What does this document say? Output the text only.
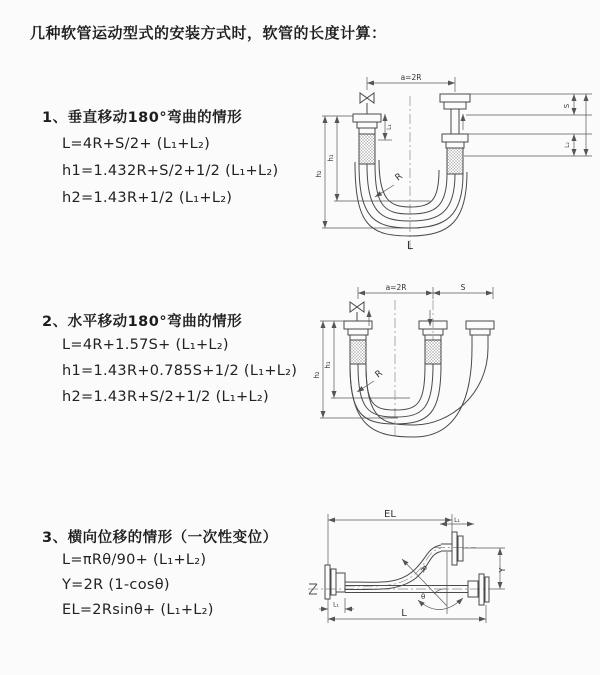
几种软管运动型式的安装方式时，软管的长度计算：
1、垂直移动180°弯曲的情形
L=4R+S/2+ (L₁+L₂)
h1=1.432R+S/2+1/2 (L₁+L₂)
h2=1.43R+1/2 (L₁+L₂)
2、水平移动180°弯曲的情形
L=4R+1.57S+ (L₁+L₂)
h1=1.43R+0.785S+1/2 (L₁+L₂)
h2=1.43R+S/2+1/2 (L₁+L₂)
3、横向位移的情形（一次性变位）
L=πRθ/90+ (L₁+L₂)
Y=2R (1-cosθ)
EL=2Rsinθ+ (L₁+L₂)
a=2R
h₂
h₁
L₁
S
L₂
R
L
a=2R	S
h₂
h₁
R
EL
L₁
L₁
Y
L
R
θ
